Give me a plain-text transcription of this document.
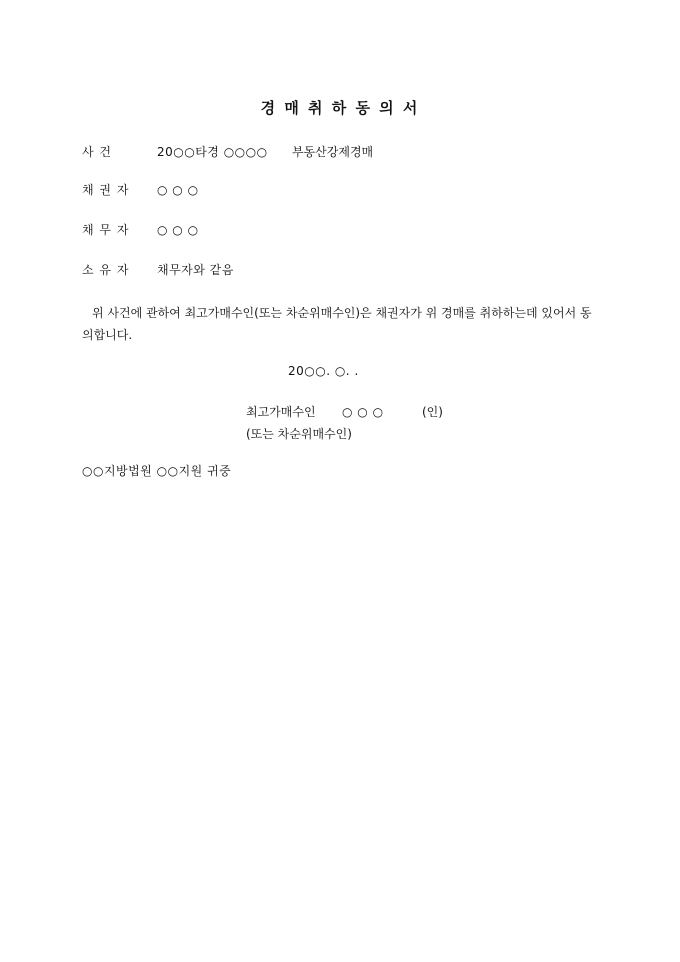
경 매 취 하 동 의 서
사 건	20○○타경 ○○○○ 부동산강제경매
채 권 자 ○ ○ ○
채 무 자 ○ ○ ○
소 유 자 채무자와 같음
위 사건에 관하여 최고가매수인(또는 차순위매수인)은 채권자가 위 경매를 취하하는데 있어서 동의합니다.
20○○. ○. .
최고가매수인 ○ ○ ○	(인)
(또는 차순위매수인)
○○지방법원 ○○지원 귀중
